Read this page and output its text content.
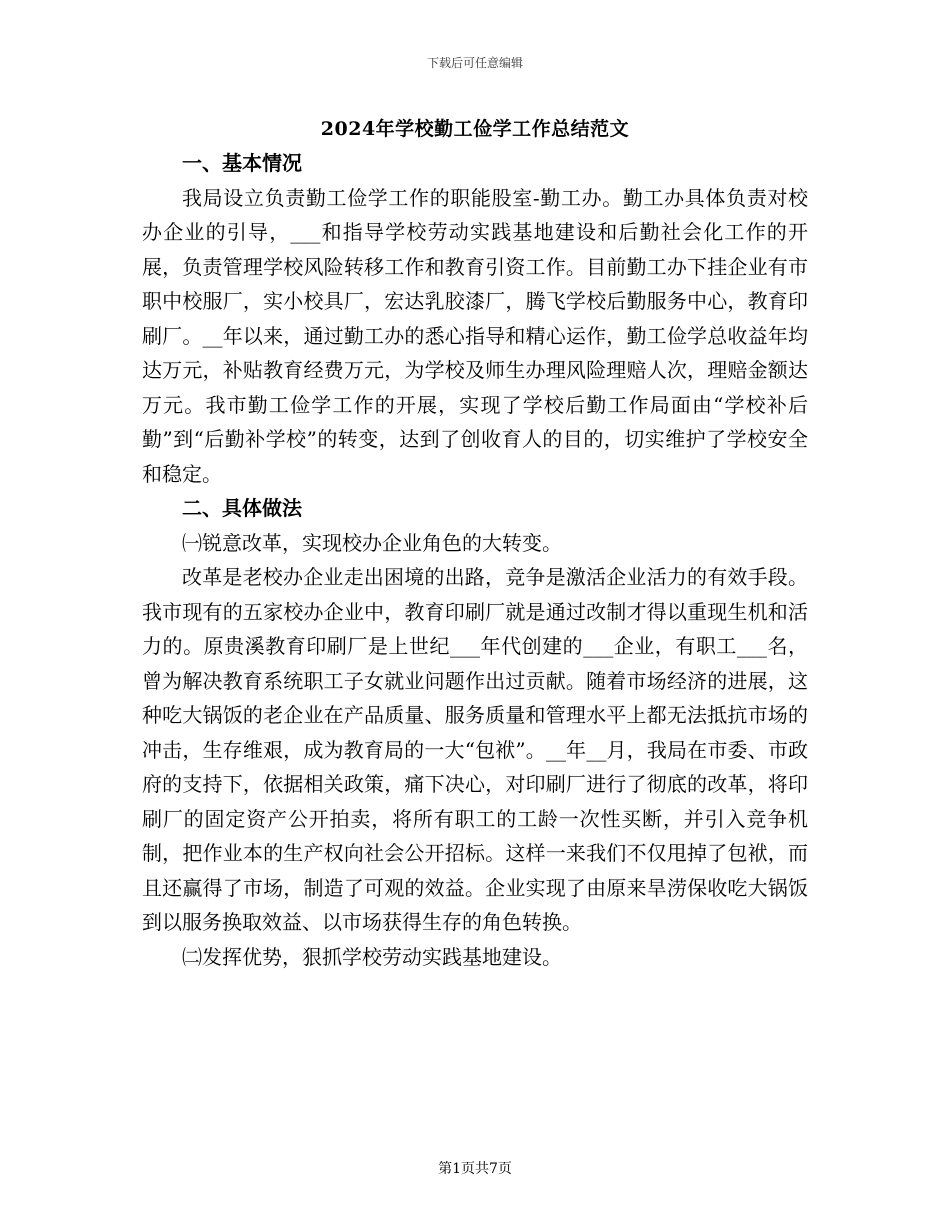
下载后可任意编辑
2024年学校勤工俭学工作总结范文

一、基本情况

我局设立负责勤工俭学工作的职能股室-勤工办。勤工办具体负责对校办企业的引导，___和指导学校劳动实践基地建设和后勤社会化工作的开展，负责管理学校风险转移工作和教育引资工作。目前勤工办下挂企业有市职中校服厂，实小校具厂，宏达乳胶漆厂，腾飞学校后勤服务中心，教育印刷厂。__年以来，通过勤工办的悉心指导和精心运作，勤工俭学总收益年均达万元，补贴教育经费万元，为学校及师生办理风险理赔人次，理赔金额达万元。我市勤工俭学工作的开展，实现了学校后勤工作局面由“学校补后勤”到“后勤补学校”的转变，达到了创收育人的目的，切实维护了学校安全和稳定。

二、具体做法

㈠锐意改革，实现校办企业角色的大转变。

改革是老校办企业走出困境的出路，竞争是激活企业活力的有效手段。我市现有的五家校办企业中，教育印刷厂就是通过改制才得以重现生机和活力的。原贵溪教育印刷厂是上世纪___年代创建的___企业，有职工___名，曾为解决教育系统职工子女就业问题作出过贡献。随着市场经济的进展，这种吃大锅饭的老企业在产品质量、服务质量和管理水平上都无法抵抗市场的冲击，生存维艰，成为教育局的一大“包袱”。__年__月，我局在市委、市政府的支持下，依据相关政策，痛下决心，对印刷厂进行了彻底的改革，将印刷厂的固定资产公开拍卖，将所有职工的工龄一次性买断，并引入竞争机制，把作业本的生产权向社会公开招标。这样一来我们不仅甩掉了包袱，而且还赢得了市场，制造了可观的效益。企业实现了由原来旱涝保收吃大锅饭到以服务换取效益、以市场获得生存的角色转换。

㈡发挥优势，狠抓学校劳动实践基地建设。

第1页共7页
